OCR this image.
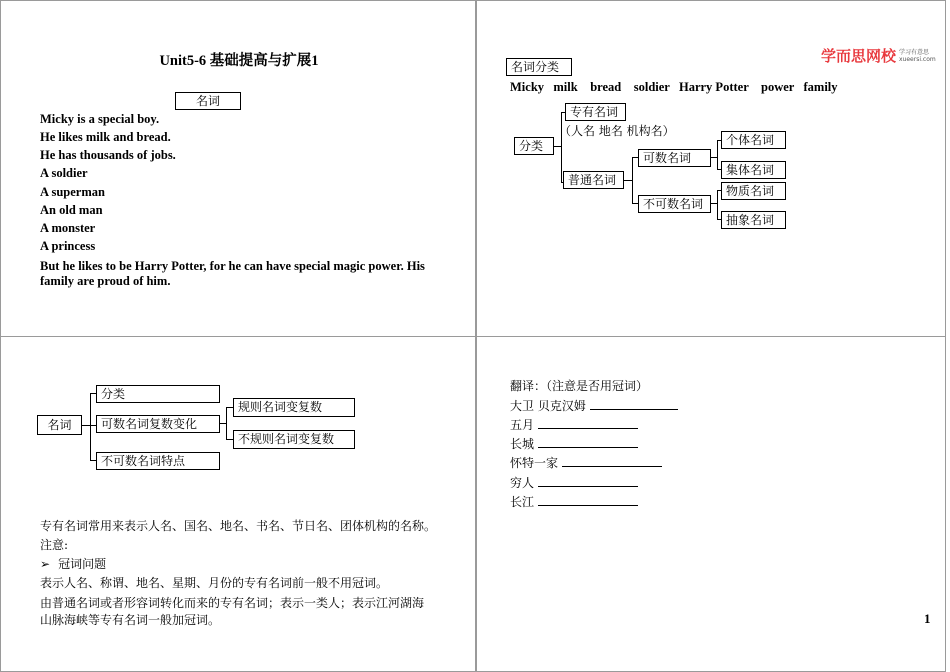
Unit5-6 基础提高与扩展1
名词
Micky is a special boy.
He likes milk and bread.
He has thousands of jobs.
A soldier
A superman
An old man
A monster
A princess
But he likes to be Harry Potter, for he can have special magic power. His
family are proud of him.
学而思网校 学习有意思
xueersi.com
名词分类
Micky   milk    bread    soldier   Harry Potter    power   family
分类
专有名词
（人名 地名 机构名）
普通名词
可数名词
不可数名词
个体名词
集体名词
物质名词
抽象名词
名词
分类
可数名词复数变化
不可数名词特点
规则名词变复数
不规则名词变复数
专有名词常用来表示人名、国名、地名、书名、节日名、团体机构的名称。
注意:
➢ 冠词问题
表示人名、称谓、地名、星期、月份的专有名词前一般不用冠词。
由普通名词或者形容词转化而来的专有名词；表示一类人；表示江河湖海
山脉海峡等专有名词一般加冠词。
翻译：（注意是否用冠词）
大卫 贝克汉姆
五月
长城
怀特一家
穷人
长江
1
